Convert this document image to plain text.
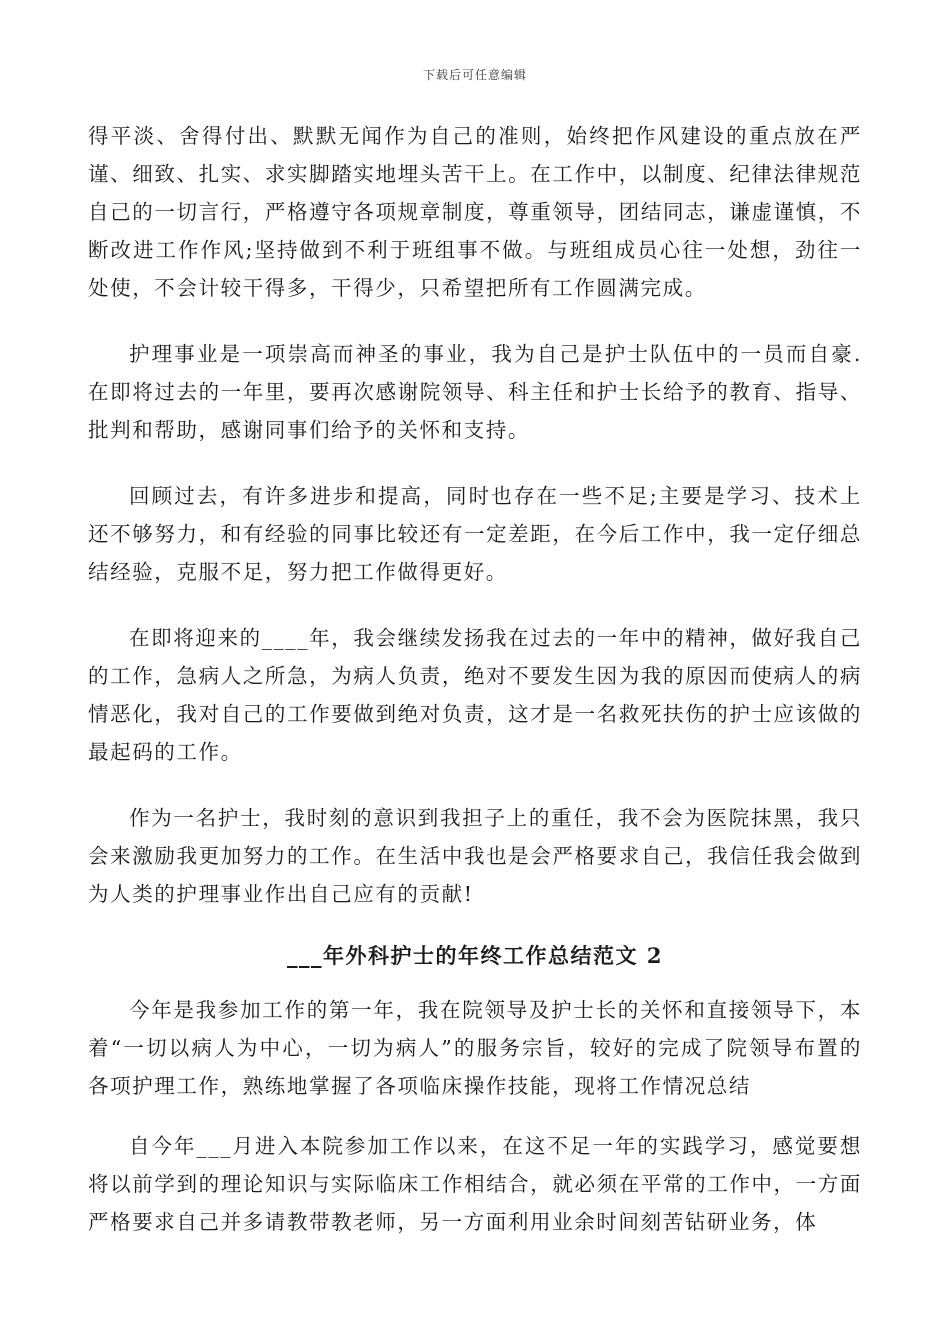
下载后可任意编辑

得平淡、舍得付出、默默无闻作为自己的准则，始终把作风建设的重点放在严谨、细致、扎实、求实脚踏实地埋头苦干上。在工作中，以制度、纪律法律规范自己的一切言行，严格遵守各项规章制度，尊重领导，团结同志，谦虚谨慎，不断改进工作作风;坚持做到不利于班组事不做。与班组成员心往一处想，劲往一处使，不会计较干得多，干得少，只希望把所有工作圆满完成。

护理事业是一项崇高而神圣的事业，我为自己是护士队伍中的一员而自豪.在即将过去的一年里，要再次感谢院领导、科主任和护士长给予的教育、指导、批判和帮助，感谢同事们给予的关怀和支持。

回顾过去，有许多进步和提高，同时也存在一些不足;主要是学习、技术上还不够努力，和有经验的同事比较还有一定差距，在今后工作中，我一定仔细总结经验，克服不足，努力把工作做得更好。

在即将迎来的____年，我会继续发扬我在过去的一年中的精神，做好我自己的工作，急病人之所急，为病人负责，绝对不要发生因为我的原因而使病人的病情恶化，我对自己的工作要做到绝对负责，这才是一名救死扶伤的护士应该做的最起码的工作。

作为一名护士，我时刻的意识到我担子上的重任，我不会为医院抹黑，我只会来激励我更加努力的工作。在生活中我也是会严格要求自己，我信任我会做到为人类的护理事业作出自己应有的贡献!

___年外科护士的年终工作总结范文 2

今年是我参加工作的第一年，我在院领导及护士长的关怀和直接领导下，本着“一切以病人为中心，一切为病人”的服务宗旨，较好的完成了院领导布置的各项护理工作，熟练地掌握了各项临床操作技能，现将工作情况总结

自今年___月进入本院参加工作以来，在这不足一年的实践学习，感觉要想将以前学到的理论知识与实际临床工作相结合，就必须在平常的工作中，一方面严格要求自己并多请教带教老师，另一方面利用业余时间刻苦钻研业务，体
